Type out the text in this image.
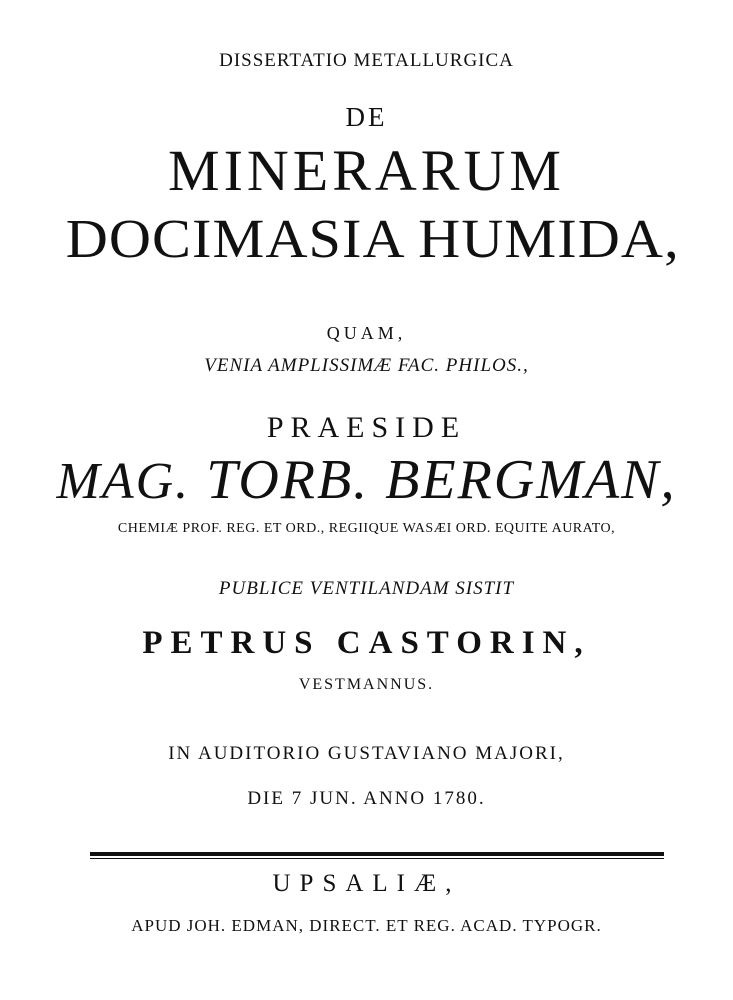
DISSERTATIO METALLURGICA
DE
MINERARUM
DOCIMASIA HUMIDA,
QUAM,
VENIA AMPLISSIMÆ FAC. PHILOS.,
PRAESIDE
MAG. TORB. BERGMAN,
CHEMIÆ PROF. REG. ET ORD., REGIIQUE WASÆI ORD. EQUITE AURATO,
PUBLICE VENTILANDAM SISTIT
PETRUS CASTORIN,
VESTMANNUS.
IN AUDITORIO GUSTAVIANO MAJORI,
DIE 7 JUN. ANNO 1780.
UPSALIÆ,
APUD JOH. EDMAN, DIRECT. ET REG. ACAD. TYPOGR.
